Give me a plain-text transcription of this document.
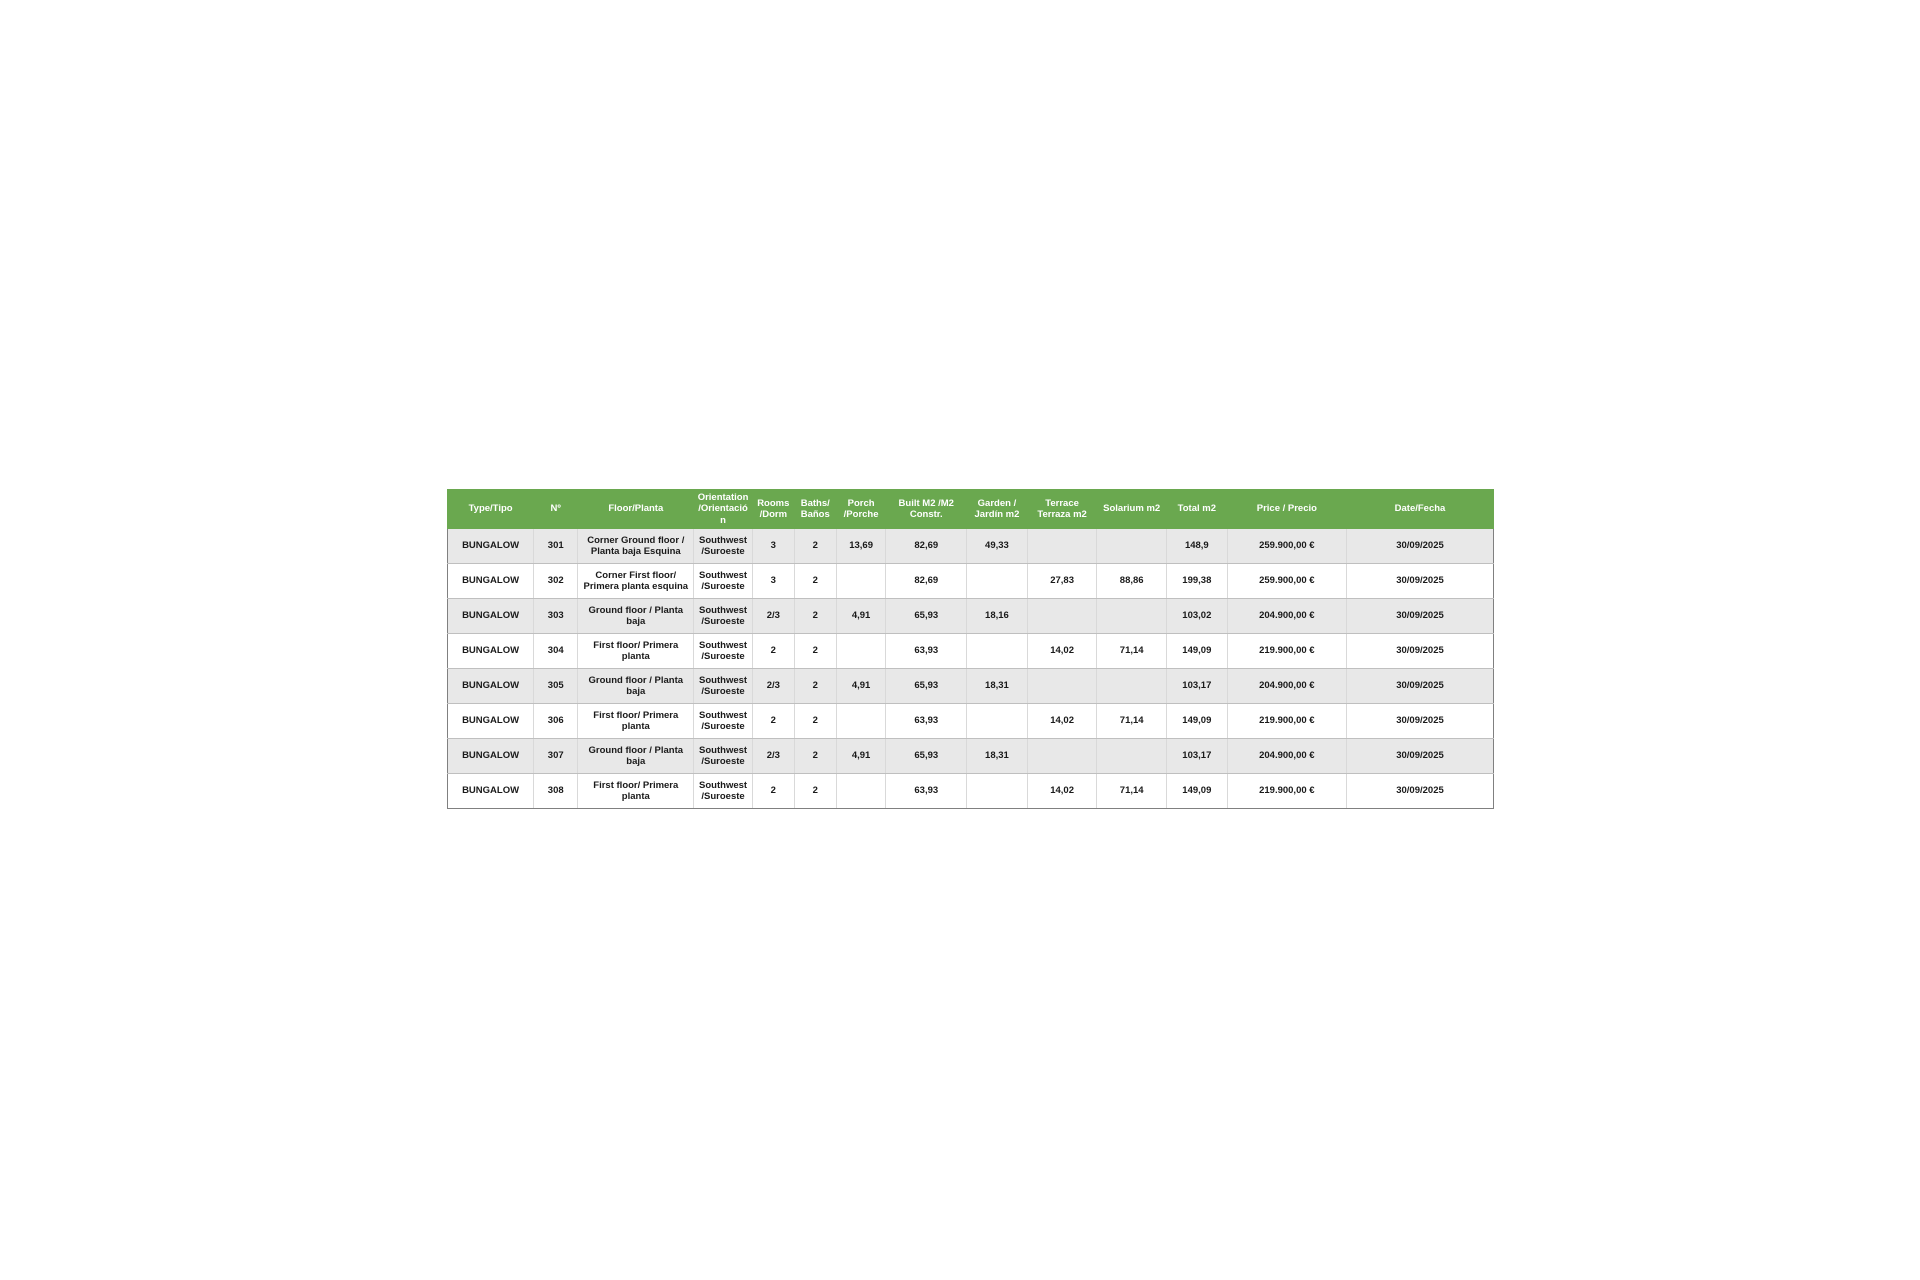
Type/Tipo	Nº	Floor/Planta	Orientation /Orientación	Rooms /Dorm	Baths/ Baños	Porch /Porche	Built M2 /M2 Constr.	Garden / Jardín m2	Terrace Terraza m2	Solarium m2	Total m2	Price / Precio	Date/Fecha
BUNGALOW	301	Corner Ground floor / Planta baja Esquina	Southwest /Suroeste	3	2	13,69	82,69	49,33			148,9	259.900,00 €	30/09/2025
BUNGALOW	302	Corner First floor/ Primera planta esquina	Southwest /Suroeste	3	2		82,69		27,83	88,86	199,38	259.900,00 €	30/09/2025
BUNGALOW	303	Ground floor / Planta baja	Southwest /Suroeste	2/3	2	4,91	65,93	18,16			103,02	204.900,00 €	30/09/2025
BUNGALOW	304	First floor/ Primera planta	Southwest /Suroeste	2	2		63,93		14,02	71,14	149,09	219.900,00 €	30/09/2025
BUNGALOW	305	Ground floor / Planta baja	Southwest /Suroeste	2/3	2	4,91	65,93	18,31			103,17	204.900,00 €	30/09/2025
BUNGALOW	306	First floor/ Primera planta	Southwest /Suroeste	2	2		63,93		14,02	71,14	149,09	219.900,00 €	30/09/2025
BUNGALOW	307	Ground floor / Planta baja	Southwest /Suroeste	2/3	2	4,91	65,93	18,31			103,17	204.900,00 €	30/09/2025
BUNGALOW	308	First floor/ Primera planta	Southwest /Suroeste	2	2		63,93		14,02	71,14	149,09	219.900,00 €	30/09/2025
